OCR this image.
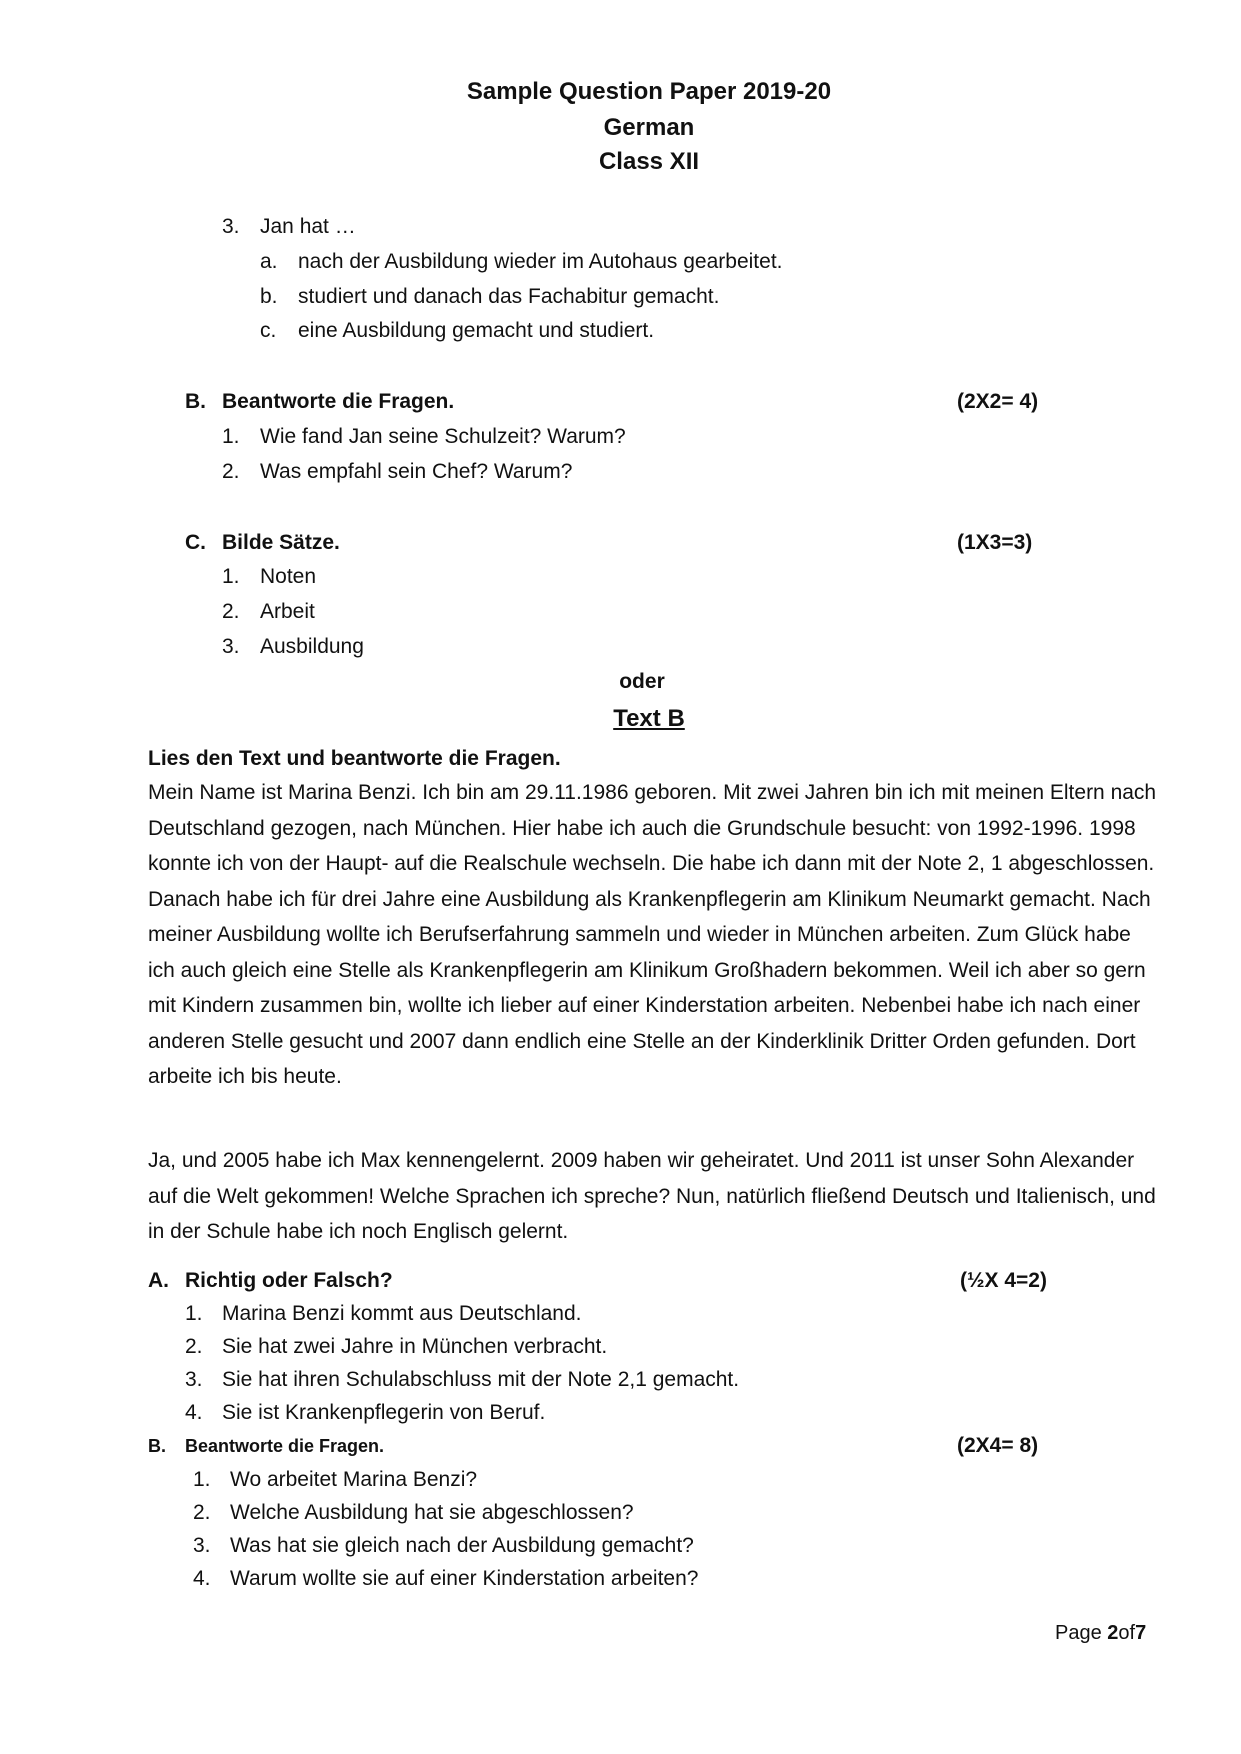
Sample Question Paper 2019-20
German
Class XII
3. Jan hat …
a. nach der Ausbildung wieder im Autohaus gearbeitet.
b. studiert und danach das Fachabitur gemacht.
c. eine Ausbildung gemacht und studiert.
B. Beantworte die Fragen.	(2X2= 4)
1. Wie fand Jan seine Schulzeit? Warum?
2. Was empfahl sein Chef? Warum?
C. Bilde Sätze.	(1X3=3)
1. Noten
2. Arbeit
3. Ausbildung
oder
Text B
Lies den Text und beantworte die Fragen.
Mein Name ist Marina Benzi. Ich bin am 29.11.1986 geboren. Mit zwei Jahren bin ich mit meinen Eltern nach Deutschland gezogen, nach München. Hier habe ich auch die Grundschule besucht: von 1992-1996. 1998 konnte ich von der Haupt- auf die Realschule wechseln. Die habe ich dann mit der Note 2, 1 abgeschlossen. Danach habe ich für drei Jahre eine Ausbildung als Krankenpflegerin am Klinikum Neumarkt gemacht. Nach meiner Ausbildung wollte ich Berufserfahrung sammeln und wieder in München arbeiten. Zum Glück habe ich auch gleich eine Stelle als Krankenpflegerin am Klinikum Großhadern bekommen. Weil ich aber so gern mit Kindern zusammen bin, wollte ich lieber auf einer Kinderstation arbeiten. Nebenbei habe ich nach einer anderen Stelle gesucht und 2007 dann endlich eine Stelle an der Kinderklinik Dritter Orden gefunden. Dort arbeite ich bis heute.
Ja, und 2005 habe ich Max kennengelernt. 2009 haben wir geheiratet. Und 2011 ist unser Sohn Alexander auf die Welt gekommen! Welche Sprachen ich spreche? Nun, natürlich fließend Deutsch und Italienisch, und in der Schule habe ich noch Englisch gelernt.
A. Richtig oder Falsch?	(½X 4=2)
1. Marina Benzi kommt aus Deutschland.
2. Sie hat zwei Jahre in München verbracht.
3. Sie hat ihren Schulabschluss mit der Note 2,1 gemacht.
4. Sie ist Krankenpflegerin von Beruf.
B. Beantworte die Fragen.	(2X4= 8)
1. Wo arbeitet Marina Benzi?
2. Welche Ausbildung hat sie abgeschlossen?
3. Was hat sie gleich nach der Ausbildung gemacht?
4. Warum wollte sie auf einer Kinderstation arbeiten?
Page 2of7
